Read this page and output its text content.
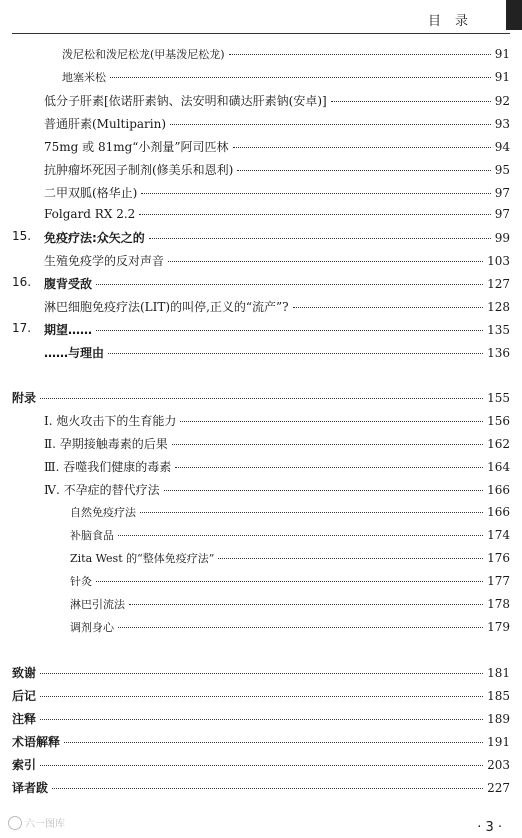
目录
泼尼松和泼尼松龙(甲基泼尼松龙)	91
地塞米松	91
低分子肝素[依诺肝素钠、法安明和磺达肝素钠(安卓)]	92
普通肝素(Multiparin)	93
75mg 或 81mg“小剂量”阿司匹林	94
抗肿瘤坏死因子制剂(修美乐和恩利)	95
二甲双胍(格华止)	97
Folgard RX 2.2	97
15. 免疫疗法:众矢之的	99
生殖免疫学的反对声音	103
16. 腹背受敌	127
淋巴细胞免疫疗法(LIT)的叫停,正义的“流产”?	128
17. 期望……	135
……与理由	136
附录	155
Ⅰ. 炮火攻击下的生育能力	156
Ⅱ. 孕期接触毒素的后果	162
Ⅲ. 吞噬我们健康的毒素	164
Ⅳ. 不孕症的替代疗法	166
自然免疫疗法	166
补脑食品	174
Zita West 的“整体免疫疗法”	176
针灸	177
淋巴引流法	178
调剂身心	179
致谢	181
后记	185
注释	189
术语解释	191
索引	203
译者跋	227
六一图库	· 3 ·
